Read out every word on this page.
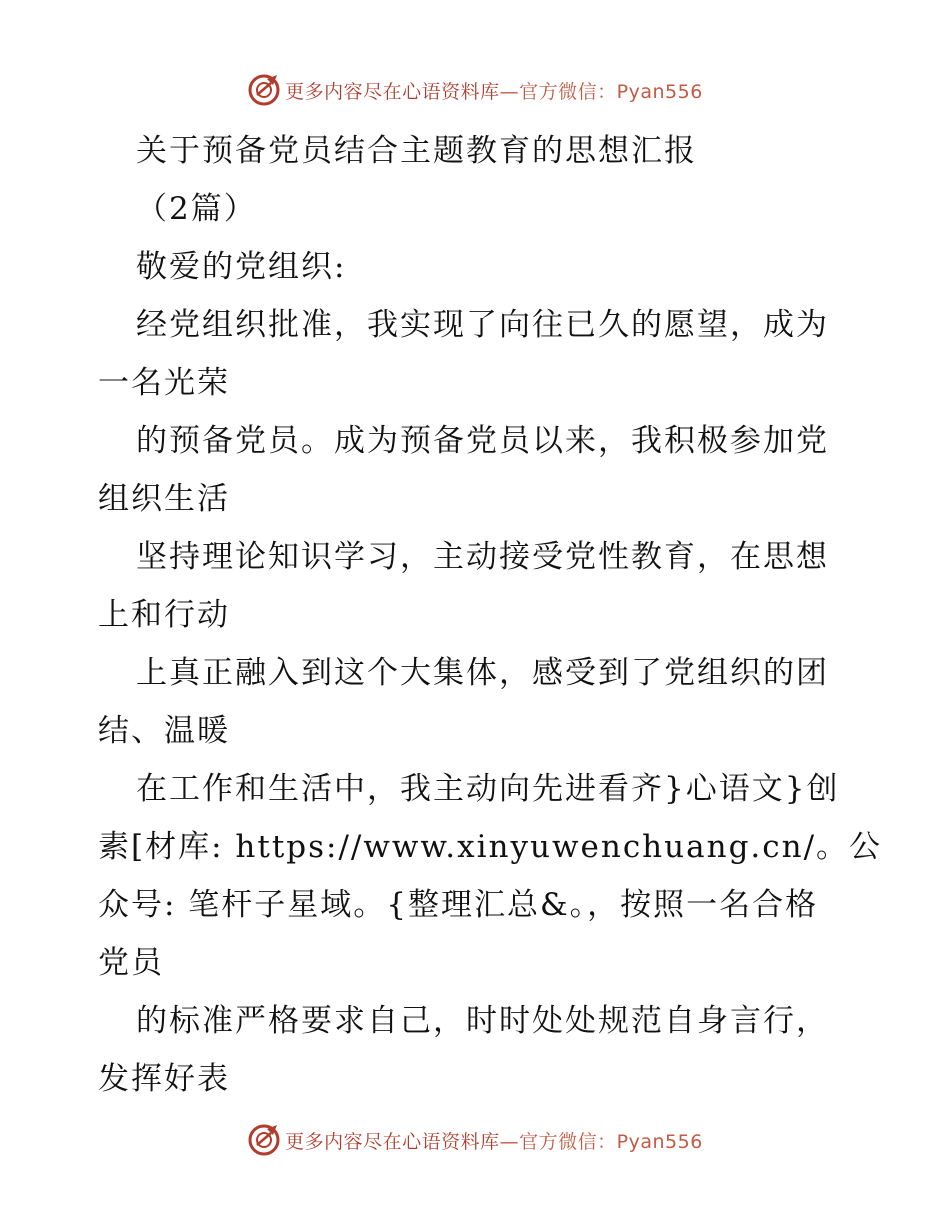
更多内容尽在心语资料库 —官方微信：Pyan556
关于预备党员结合主题教育的思想汇报
（2篇）
敬爱的党组织:
经党组织批准，我实现了向往已久的愿望，成为
一名光荣
的预备党员。成为预备党员以来，我积极参加党
组织生活
坚持理论知识学习，主动接受党性教育，在思想
上和行动
上真正融入到这个大集体，感受到了党组织的团
结、温暖
在工作和生活中，我主动向先进看齐}心语文}创
素[材库: https://www.xinyuwenchuang.cn/。公
众号: 笔杆子星域。{整理汇总&。，按照一名合格
党员
的标准严格要求自己，时时处处规范自身言行，
发挥好表
更多内容尽在心语资料库 —官方微信：Pyan556
